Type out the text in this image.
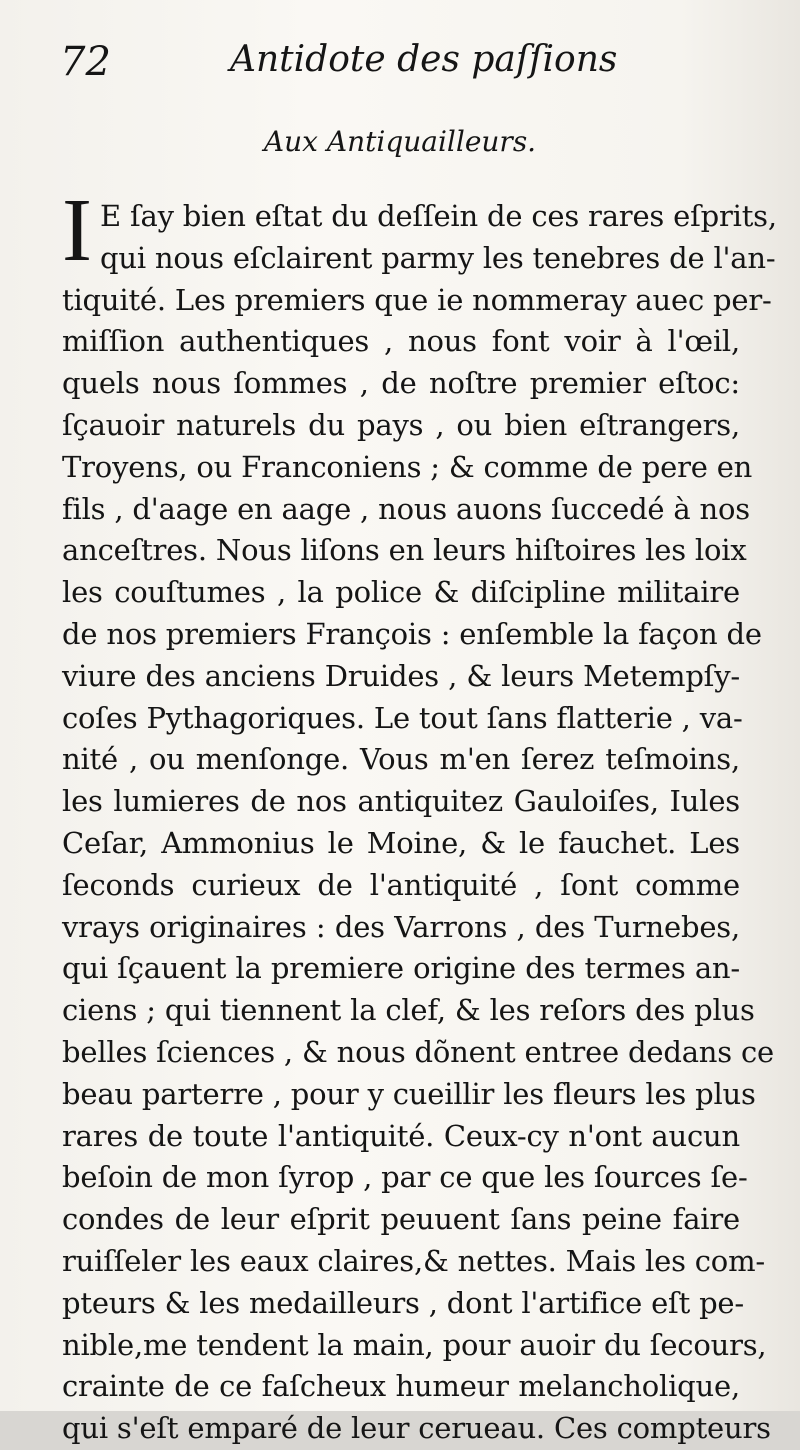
72	Antidote des paſſions
Aux Antiquailleurs.
I E ſay bien eſtat du deſſein de ces rares eſprits,
qui nous eſclairent parmy les tenebres de l'an-
tiquité. Les premiers que ie nommeray auec per-
miſſion authentiques , nous font voir à l'œil,
quels nous ſommes , de noſtre premier eſtoc:
ſçauoir naturels du pays , ou bien eſtrangers,
Troyens, ou Franconiens ; & comme de pere en
fils , d'aage en aage , nous auons ſuccedé à nos
anceſtres. Nous liſons en leurs hiſtoires les loix
les couſtumes , la police & diſcipline militaire
de nos premiers François : enſemble la façon de
viure des anciens Druides , & leurs Metempſy-
coſes Pythagoriques. Le tout ſans flatterie , va-
nité , ou menſonge. Vous m'en ſerez teſmoins,
les lumieres de nos antiquitez Gauloiſes, Iules
Ceſar, Ammonius le Moine, & le fauchet. Les
ſeconds curieux de l'antiquité , ſont comme
vrays originaires : des Varrons , des Turnebes,
qui ſçauent la premiere origine des termes an-
ciens ; qui tiennent la clef, & les reſors des plus
belles ſciences , & nous dõnent entree dedans ce
beau parterre , pour y cueillir les fleurs les plus
rares de toute l'antiquité. Ceux-cy n'ont aucun
beſoin de mon ſyrop , par ce que les ſources ſe-
condes de leur eſprit peuuent ſans peine faire
ruiſſeler les eaux claires,& nettes. Mais les com-
pteurs & les medailleurs , dont l'artifice eſt pe-
nible,me tendent la main, pour auoir du ſecours,
crainte de ce faſcheux humeur melancholique,
qui s'eſt emparé de leur cerueau. Ces compteurs
